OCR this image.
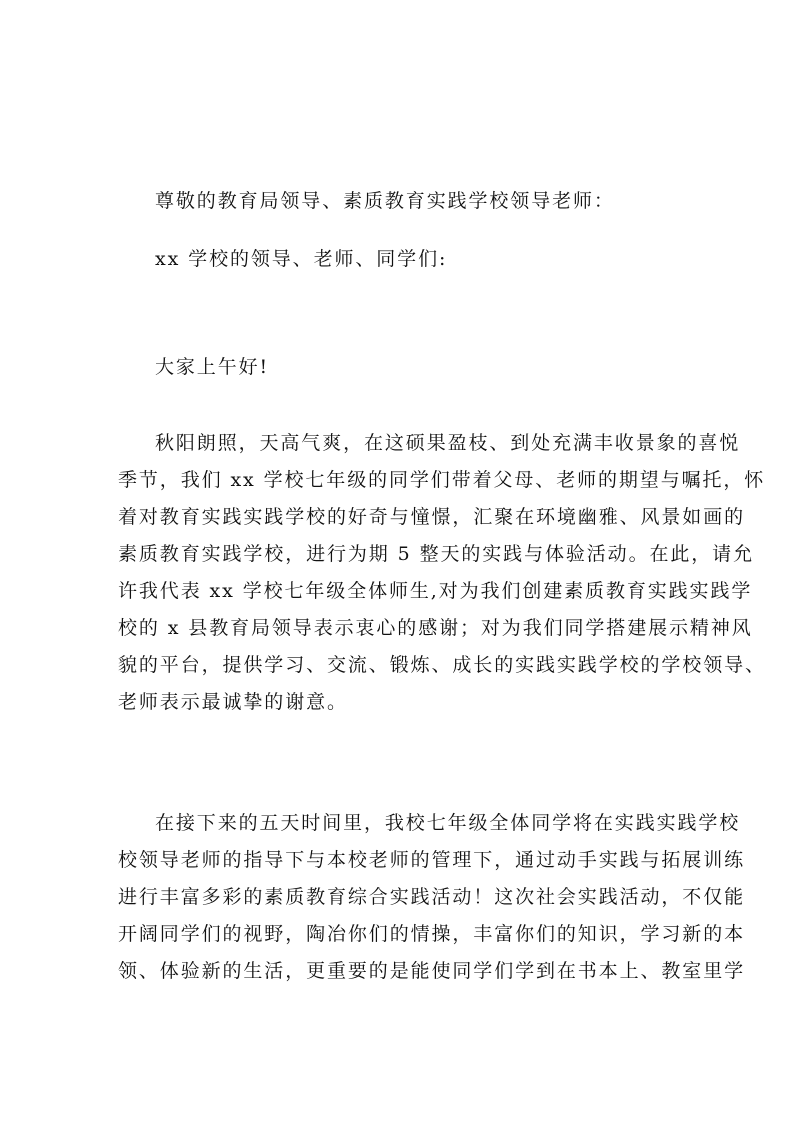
尊敬的教育局领导、素质教育实践学校领导老师：
xx 学校的领导、老师、同学们:
大家上午好!
秋阳朗照，天高气爽，在这硕果盈枝、到处充满丰收景象的喜悦
季节，我们 xx 学校七年级的同学们带着父母、老师的期望与嘱托，怀
着对教育实践实践学校的好奇与憧憬，汇聚在环境幽雅、风景如画的
素质教育实践学校，进行为期 5 整天的实践与体验活动。在此，请允
许我代表 xx 学校七年级全体师生,对为我们创建素质教育实践实践学
校的 x 县教育局领导表示衷心的感谢；对为我们同学搭建展示精神风
貌的平台，提供学习、交流、锻炼、成长的实践实践学校的学校领导、
老师表示最诚挚的谢意。
在接下来的五天时间里，我校七年级全体同学将在实践实践学校
校领导老师的指导下与本校老师的管理下，通过动手实践与拓展训练
进行丰富多彩的素质教育综合实践活动！这次社会实践活动，不仅能
开阔同学们的视野，陶冶你们的情操，丰富你们的知识，学习新的本
领、体验新的生活，更重要的是能使同学们学到在书本上、教室里学
